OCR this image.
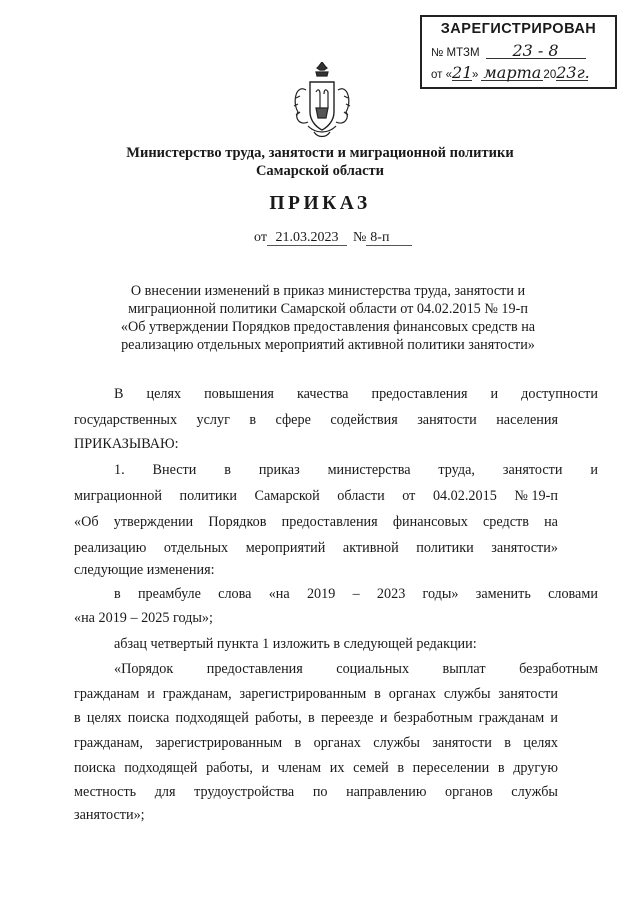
ЗАРЕГИСТРИРОВАН
№ МТЗМ	23 - 8
от « 21 » марта 20 23г.
Министерство труда, занятости и миграционной политики
Самарской области
ПРИКАЗ
от 21.03.2023	№ 8-п
О внесении изменений в приказ министерства труда, занятости и
миграционной политики Самарской области от 04.02.2015 № 19-п
«Об утверждении Порядков предоставления финансовых средств на
реализацию отдельных мероприятий активной политики занятости»
В целях повышения качества предоставления и доступности
государственных услуг в сфере содействия занятости населения
ПРИКАЗЫВАЮ:
1. Внести в приказ министерства труда, занятости и
миграционной политики Самарской области от 04.02.2015 № 19-п
«Об утверждении Порядков предоставления финансовых средств на
реализацию отдельных мероприятий активной политики занятости»
следующие изменения:
в преамбуле слова «на 2019 – 2023 годы» заменить словами
«на 2019 – 2025 годы»;
абзац четвертый пункта 1 изложить в следующей редакции:
«Порядок предоставления социальных выплат безработным
гражданам и гражданам, зарегистрированным в органах службы занятости
в целях поиска подходящей работы, в переезде и безработным гражданам и
гражданам, зарегистрированным в органах службы занятости в целях
поиска подходящей работы, и членам их семей в переселении в другую
местность для трудоустройства по направлению органов службы
занятости»;
